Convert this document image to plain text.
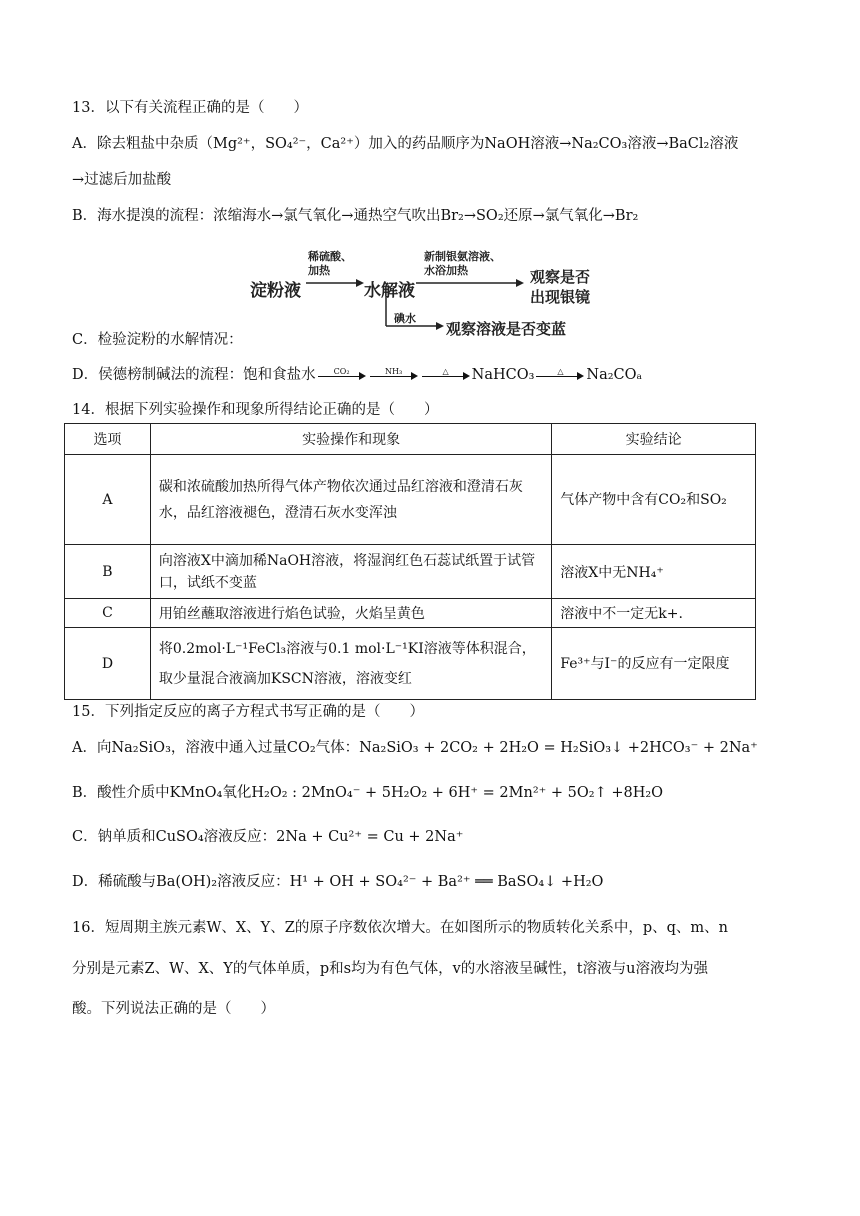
13．以下有关流程正确的是（　　）
A．除去粗盐中杂质（Mg²⁺，SO₄²⁻，Ca²⁺）加入的药品顺序为NaOH溶液→Na₂CO₃溶液→BaCl₂溶液
→过滤后加盐酸
B．海水提溴的流程：浓缩海水→氯气氧化→通热空气吹出Br₂→SO₂还原→氯气氧化→Br₂
淀粉液
稀硫酸、
加热
水解液
新制银氨溶液、
水浴加热	观察是否
出现银镜
碘水
观察溶液是否变蓝
C．检验淀粉的水解情况：
D．侯德榜制碱法的流程：饱和食盐水	CO₂	NH₃	△	NaHCO₃	△	Na₂COₐ
14．根据下列实验操作和现象所得结论正确的是（　　）
选项	实验操作和现象	实验结论
A	碳和浓硫酸加热所得气体产物依次通过品红溶液和澄清石灰水，品红溶液褪色，澄清石灰水变浑浊	气体产物中含有CO₂和SO₂
B	向溶液X中滴加稀NaOH溶液，将湿润红色石蕊试纸置于试管口，试纸不变蓝	溶液X中无NH₄⁺
C	用铂丝蘸取溶液进行焰色试验，火焰呈黄色	溶液中不一定无k+.
D	将0.2mol·L⁻¹FeCl₃溶液与0.1 mol·L⁻¹KI溶液等体积混合，取少量混合液滴加KSCN溶液，溶液变红	Fe³⁺与I⁻的反应有一定限度
15．下列指定反应的离子方程式书写正确的是（　　）
A．向Na₂SiO₃，溶液中通入过量CO₂气体：Na₂SiO₃ + 2CO₂ + 2H₂O = H₂SiO₃↓ +2HCO₃⁻ + 2Na⁺
B．酸性介质中KMnO₄氧化H₂O₂ : 2MnO₄⁻ + 5H₂O₂ + 6H⁺ = 2Mn²⁺ + 5O₂↑ +8H₂O
C．钠单质和CuSO₄溶液反应：2Na + Cu²⁺ = Cu + 2Na⁺
D．稀硫酸与Ba(OH)₂溶液反应：H¹ + OH + SO₄²⁻ + Ba²⁺ ══ BaSO₄↓ +H₂O
16．短周期主族元素W、X、Y、Z的原子序数依次增大。在如图所示的物质转化关系中，p、q、m、n
分别是元素Z、W、X、Y的气体单质，p和s均为有色气体，v的水溶液呈碱性，t溶液与u溶液均为强
酸。下列说法正确的是（　　）
